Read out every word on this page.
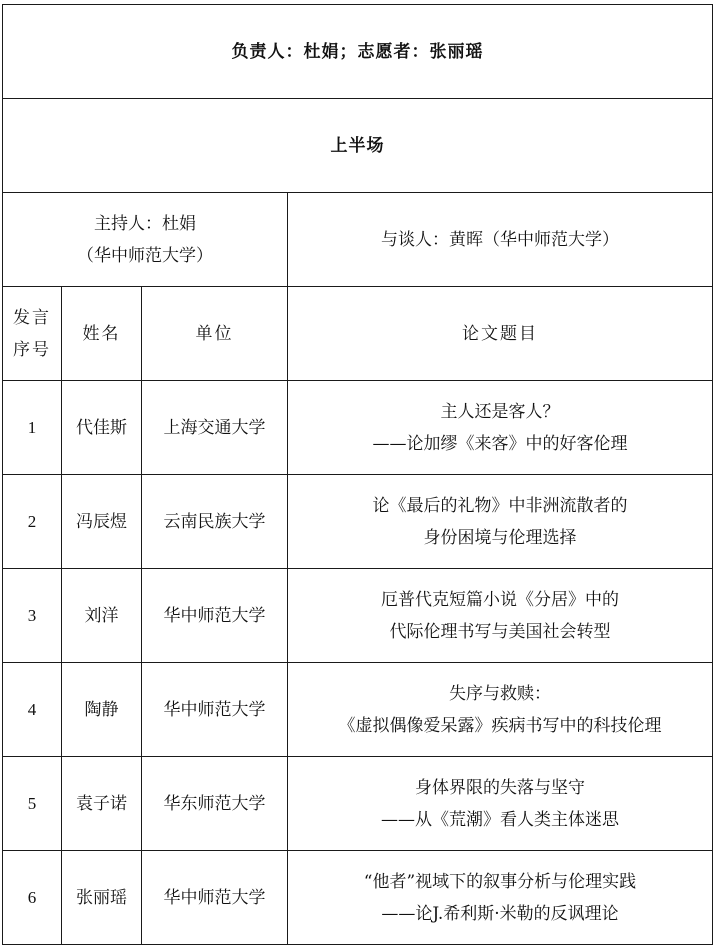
负责人：杜娟；志愿者：张丽瑶			
上半场			

主持人：杜娟
（华中师范大学）			与谈人：黄晖（华中师范大学）

发言
序号	姓名	单位	论文题目
1	代佳斯	上海交通大学	主人还是客人？
——论加缪《来客》中的好客伦理

2	冯辰煜	云南民族大学	论《最后的礼物》中非洲流散者的
身份困境与伦理选择

3	刘洋	华中师范大学	厄普代克短篇小说《分居》中的
代际伦理书写与美国社会转型

4	陶静	华中师范大学	失序与救赎：
《虚拟偶像爱呆露》疾病书写中的科技伦理

5	袁子诺	华东师范大学	身体界限的失落与坚守
——从《荒潮》看人类主体迷思

6	张丽瑶	华中师范大学	“他者”视域下的叙事分析与伦理实践
——论J.希利斯·米勒的反讽理论
